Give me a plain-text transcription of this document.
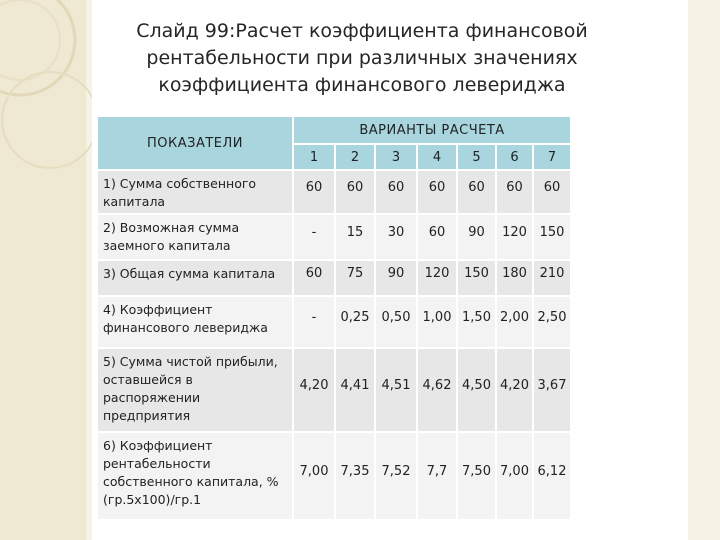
Слайд 99:Расчет коэффициента финансовой
рентабельности при различных значениях
коэффициента финансового левериджа
ПОКАЗАТЕЛИ	ВАРИАНТЫ РАСЧЕТА						
	1	2	3	4	5	6	7
1) Сумма собственного капитала	60	60	60	60	60	60	60
2) Возможная сумма заемного капитала	-	15	30	60	90	120	150
3) Общая сумма капитала	60	75	90	120	150	180	210
4) Коэффициент финансового левериджа	-	0,25	0,50	1,00	1,50	2,00	2,50
5) Сумма чистой прибыли, оставшейся в распоряжении предприятия	4,20	4,41	4,51	4,62	4,50	4,20	3,67
6) Коэффициент рентабельности собственного капитала, % (гр.5х100)/гр.1	7,00	7,35	7,52	7,7	7,50	7,00	6,12
